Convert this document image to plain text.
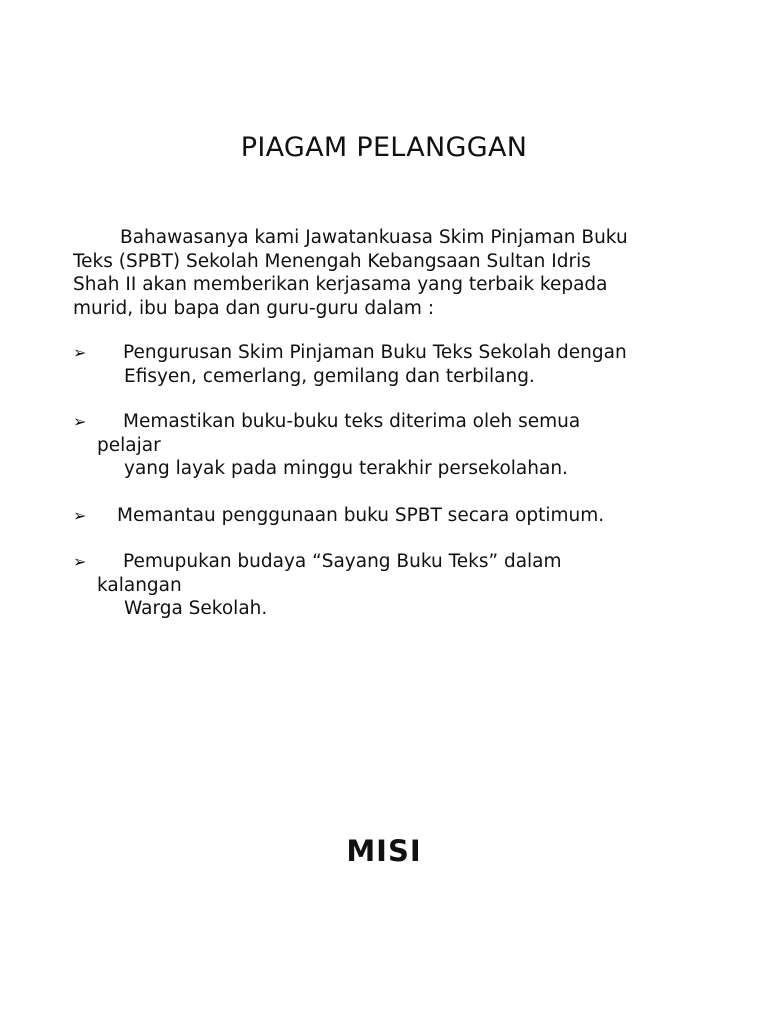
PIAGAM PELANGGAN

Bahawasanya kami Jawatankuasa Skim Pinjaman Buku
Teks (SPBT) Sekolah Menengah Kebangsaan Sultan Idris
Shah II akan memberikan kerjasama yang terbaik kepada
murid, ibu bapa dan guru-guru dalam :

➢ Pengurusan Skim Pinjaman Buku Teks Sekolah dengan
Efisyen, cemerlang, gemilang dan terbilang.
➢ Memastikan buku-buku teks diterima oleh semua
pelajar
yang layak pada minggu terakhir persekolahan.
➢ Memantau penggunaan buku SPBT secara optimum.
➢ Pemupukan budaya “Sayang Buku Teks” dalam
kalangan
Warga Sekolah.
MISI
